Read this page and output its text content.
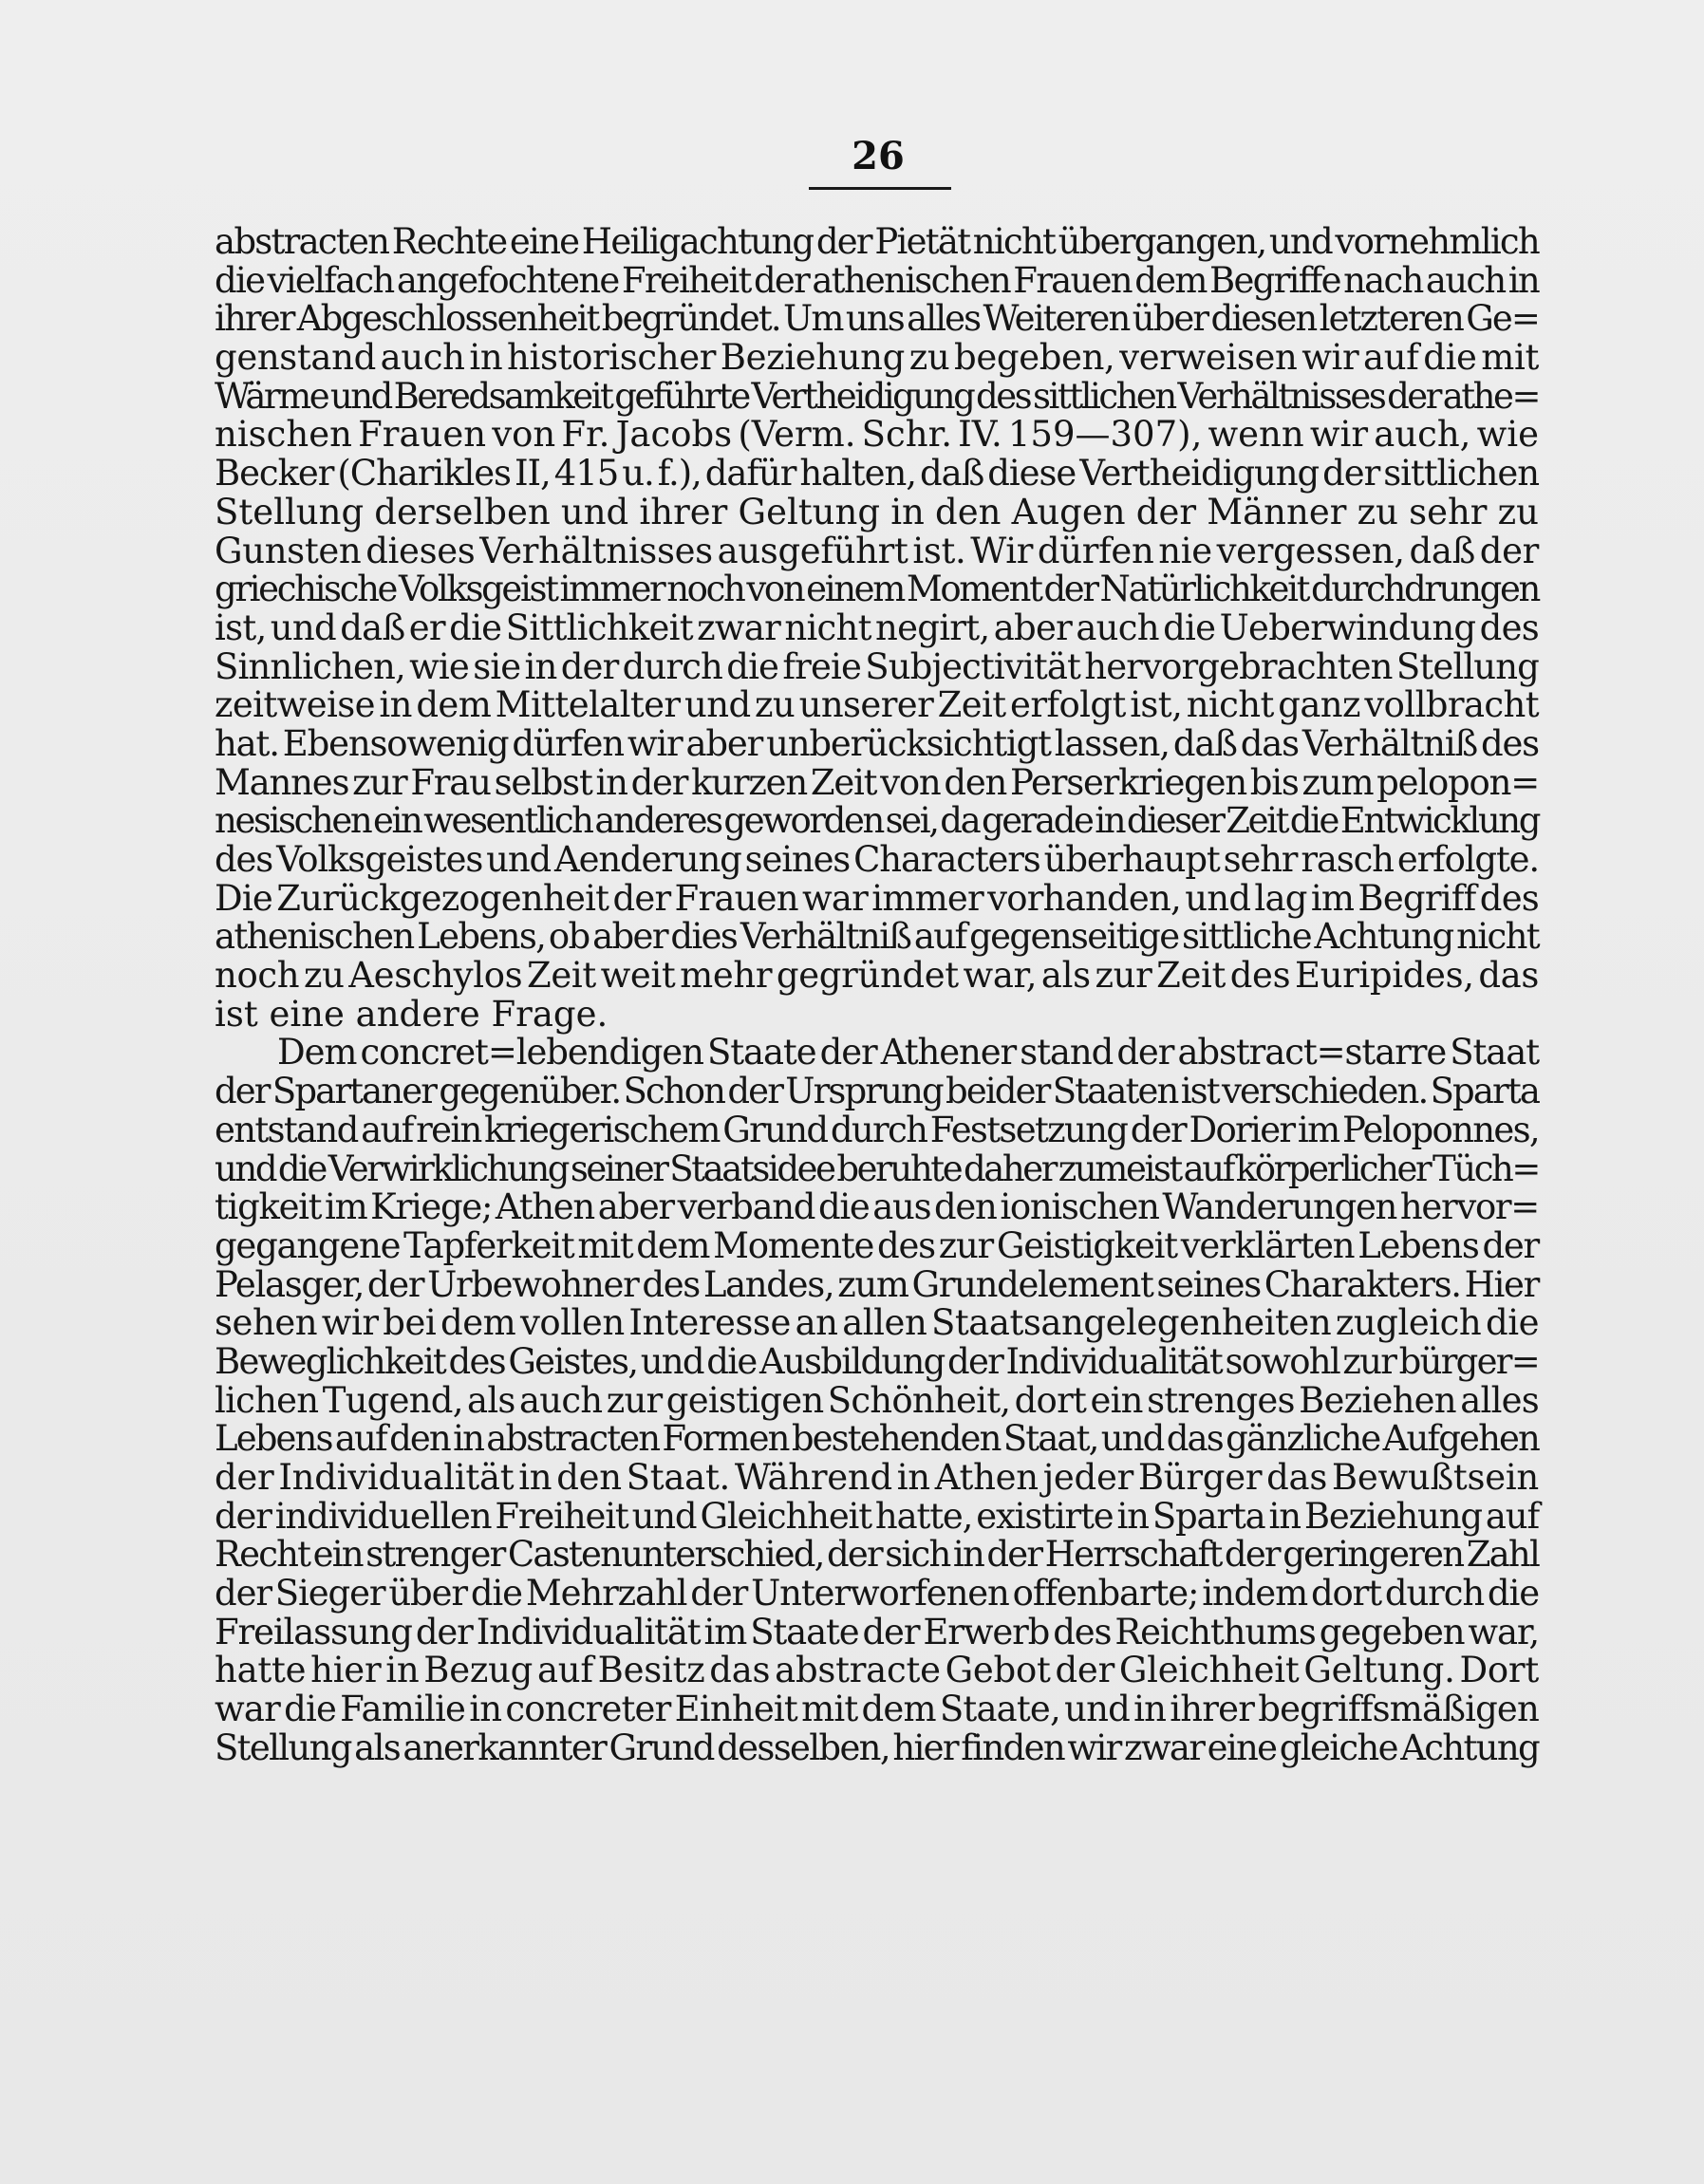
26
abstracten Rechte eine Heiligachtung der Pietät nicht übergangen, und vornehmlich
die vielfach angefochtene Freiheit der athenischen Frauen dem Begriffe nach auch in
ihrer Abgeschlossenheit begründet. Um uns alles Weiteren über diesen letzteren Ge=
genstand auch in historischer Beziehung zu begeben, verweisen wir auf die mit
Wärme und Beredsamkeit geführte Vertheidigung des sittlichen Verhältnisses der athe=
nischen Frauen von Fr. Jacobs (Verm. Schr. IV. 159—307), wenn wir auch, wie
Becker (Charikles II, 415 u. f.), dafür halten, daß diese Vertheidigung der sittlichen
Stellung derselben und ihrer Geltung in den Augen der Männer zu sehr zu
Gunsten dieses Verhältnisses ausgeführt ist. Wir dürfen nie vergessen, daß der
griechische Volksgeist immer noch von einem Moment der Natürlichkeit durchdrungen
ist, und daß er die Sittlichkeit zwar nicht negirt, aber auch die Ueberwindung des
Sinnlichen, wie sie in der durch die freie Subjectivität hervorgebrachten Stellung
zeitweise in dem Mittelalter und zu unserer Zeit erfolgt ist, nicht ganz vollbracht
hat. Ebensowenig dürfen wir aber unberücksichtigt lassen, daß das Verhältniß des
Mannes zur Frau selbst in der kurzen Zeit von den Perserkriegen bis zum pelopon=
nesischen ein wesentlich anderes geworden sei, da gerade in dieser Zeit die Entwicklung
des Volksgeistes und Aenderung seines Characters überhaupt sehr rasch erfolgte.
Die Zurückgezogenheit der Frauen war immer vorhanden, und lag im Begriff des
athenischen Lebens, ob aber dies Verhältniß auf gegenseitige sittliche Achtung nicht
noch zu Aeschylos Zeit weit mehr gegründet war, als zur Zeit des Euripides, das
ist eine andere Frage.
Dem concret=lebendigen Staate der Athener stand der abstract=starre Staat
der Spartaner gegenüber. Schon der Ursprung beider Staaten ist verschieden. Sparta
entstand auf rein kriegerischem Grund durch Festsetzung der Dorier im Peloponnes,
und die Verwirklichung seiner Staatsidee beruhte daher zumeist auf körperlicher Tüch=
tigkeit im Kriege; Athen aber verband die aus den ionischen Wanderungen hervor=
gegangene Tapferkeit mit dem Momente des zur Geistigkeit verklärten Lebens der
Pelasger, der Urbewohner des Landes, zum Grundelement seines Charakters. Hier
sehen wir bei dem vollen Interesse an allen Staatsangelegenheiten zugleich die
Beweglichkeit des Geistes, und die Ausbildung der Individualität sowohl zur bürger=
lichen Tugend, als auch zur geistigen Schönheit, dort ein strenges Beziehen alles
Lebens auf den in abstracten Formen bestehenden Staat, und das gänzliche Aufgehen
der Individualität in den Staat. Während in Athen jeder Bürger das Bewußtsein
der individuellen Freiheit und Gleichheit hatte, existirte in Sparta in Beziehung auf
Recht ein strenger Castenunterschied, der sich in der Herrschaft der geringeren Zahl
der Sieger über die Mehrzahl der Unterworfenen offenbarte; indem dort durch die
Freilassung der Individualität im Staate der Erwerb des Reichthums gegeben war,
hatte hier in Bezug auf Besitz das abstracte Gebot der Gleichheit Geltung. Dort
war die Familie in concreter Einheit mit dem Staate, und in ihrer begriffsmäßigen
Stellung als anerkannter Grund desselben, hier finden wir zwar eine gleiche Achtung
